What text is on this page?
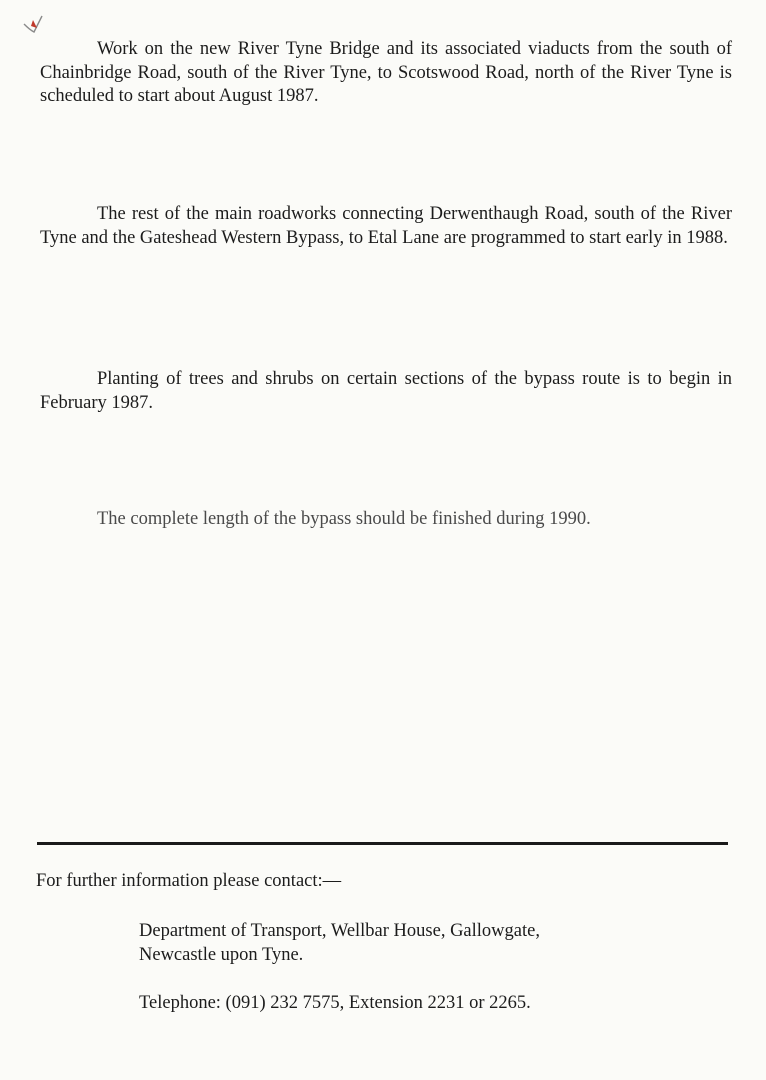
Work on the new River Tyne Bridge and its associated viaducts from the south of Chainbridge Road, south of the River Tyne, to Scotswood Road, north of the River Tyne is scheduled to start about August 1987.

The rest of the main roadworks connecting Derwenthaugh Road, south of the River Tyne and the Gateshead Western Bypass, to Etal Lane are programmed to start early in 1988.

Planting of trees and shrubs on certain sections of the bypass route is to begin in February 1987.

The complete length of the bypass should be finished during 1990.

For further information please contact:—

Department of Transport, Wellbar House, Gallowgate,
Newcastle upon Tyne.

Telephone: (091) 232 7575, Extension 2231 or 2265.
